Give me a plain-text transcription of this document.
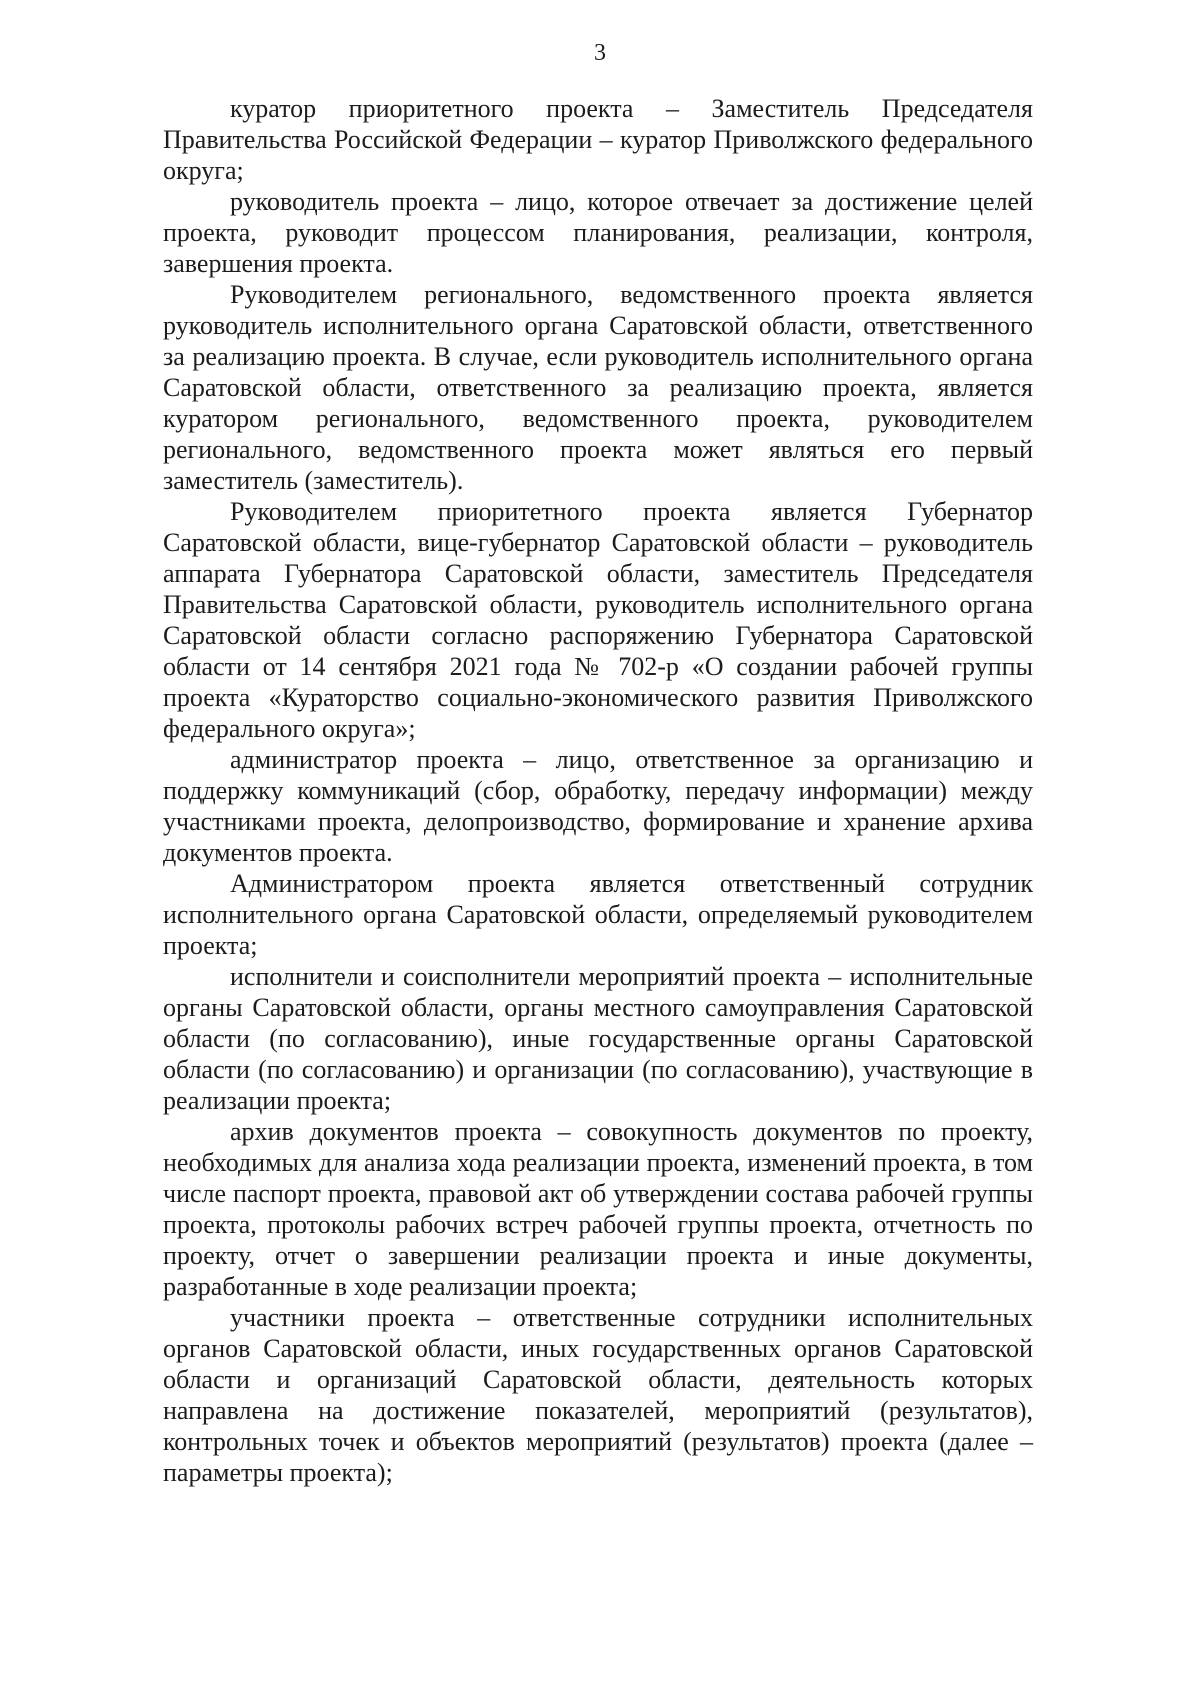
3

куратор приоритетного проекта – Заместитель Председателя Правительства Российской Федерации – куратор Приволжского федерального округа;

руководитель проекта – лицо, которое отвечает за достижение целей проекта, руководит процессом планирования, реализации, контроля, завершения проекта.

Руководителем регионального, ведомственного проекта является руководитель исполнительного органа Саратовской области, ответственного за реализацию проекта. В случае, если руководитель исполнительного органа Саратовской области, ответственного за реализацию проекта, является куратором регионального, ведомственного проекта, руководителем регионального, ведомственного проекта может являться его первый заместитель (заместитель).

Руководителем приоритетного проекта является Губернатор Саратовской области, вице-губернатор Саратовской области – руководитель аппарата Губернатора Саратовской области, заместитель Председателя Правительства Саратовской области, руководитель исполнительного органа Саратовской области согласно распоряжению Губернатора Саратовской области от 14 сентября 2021 года № 702-р «О создании рабочей группы проекта «Кураторство социально-экономического развития Приволжского федерального округа»;

администратор проекта – лицо, ответственное за организацию и поддержку коммуникаций (сбор, обработку, передачу информации) между участниками проекта, делопроизводство, формирование и хранение архива документов проекта.

Администратором проекта является ответственный сотрудник исполнительного органа Саратовской области, определяемый руководителем проекта;

исполнители и соисполнители мероприятий проекта – исполнительные органы Саратовской области, органы местного самоуправления Саратовской области (по согласованию), иные государственные органы Саратовской области (по согласованию) и организации (по согласованию), участвующие в реализации проекта;

архив документов проекта – совокупность документов по проекту, необходимых для анализа хода реализации проекта, изменений проекта, в том числе паспорт проекта, правовой акт об утверждении состава рабочей группы проекта, протоколы рабочих встреч рабочей группы проекта, отчетность по проекту, отчет о завершении реализации проекта и иные документы, разработанные в ходе реализации проекта;

участники проекта – ответственные сотрудники исполнительных органов Саратовской области, иных государственных органов Саратовской области и организаций Саратовской области, деятельность которых направлена на достижение показателей, мероприятий (результатов), контрольных точек и объектов мероприятий (результатов) проекта (далее – параметры проекта);
